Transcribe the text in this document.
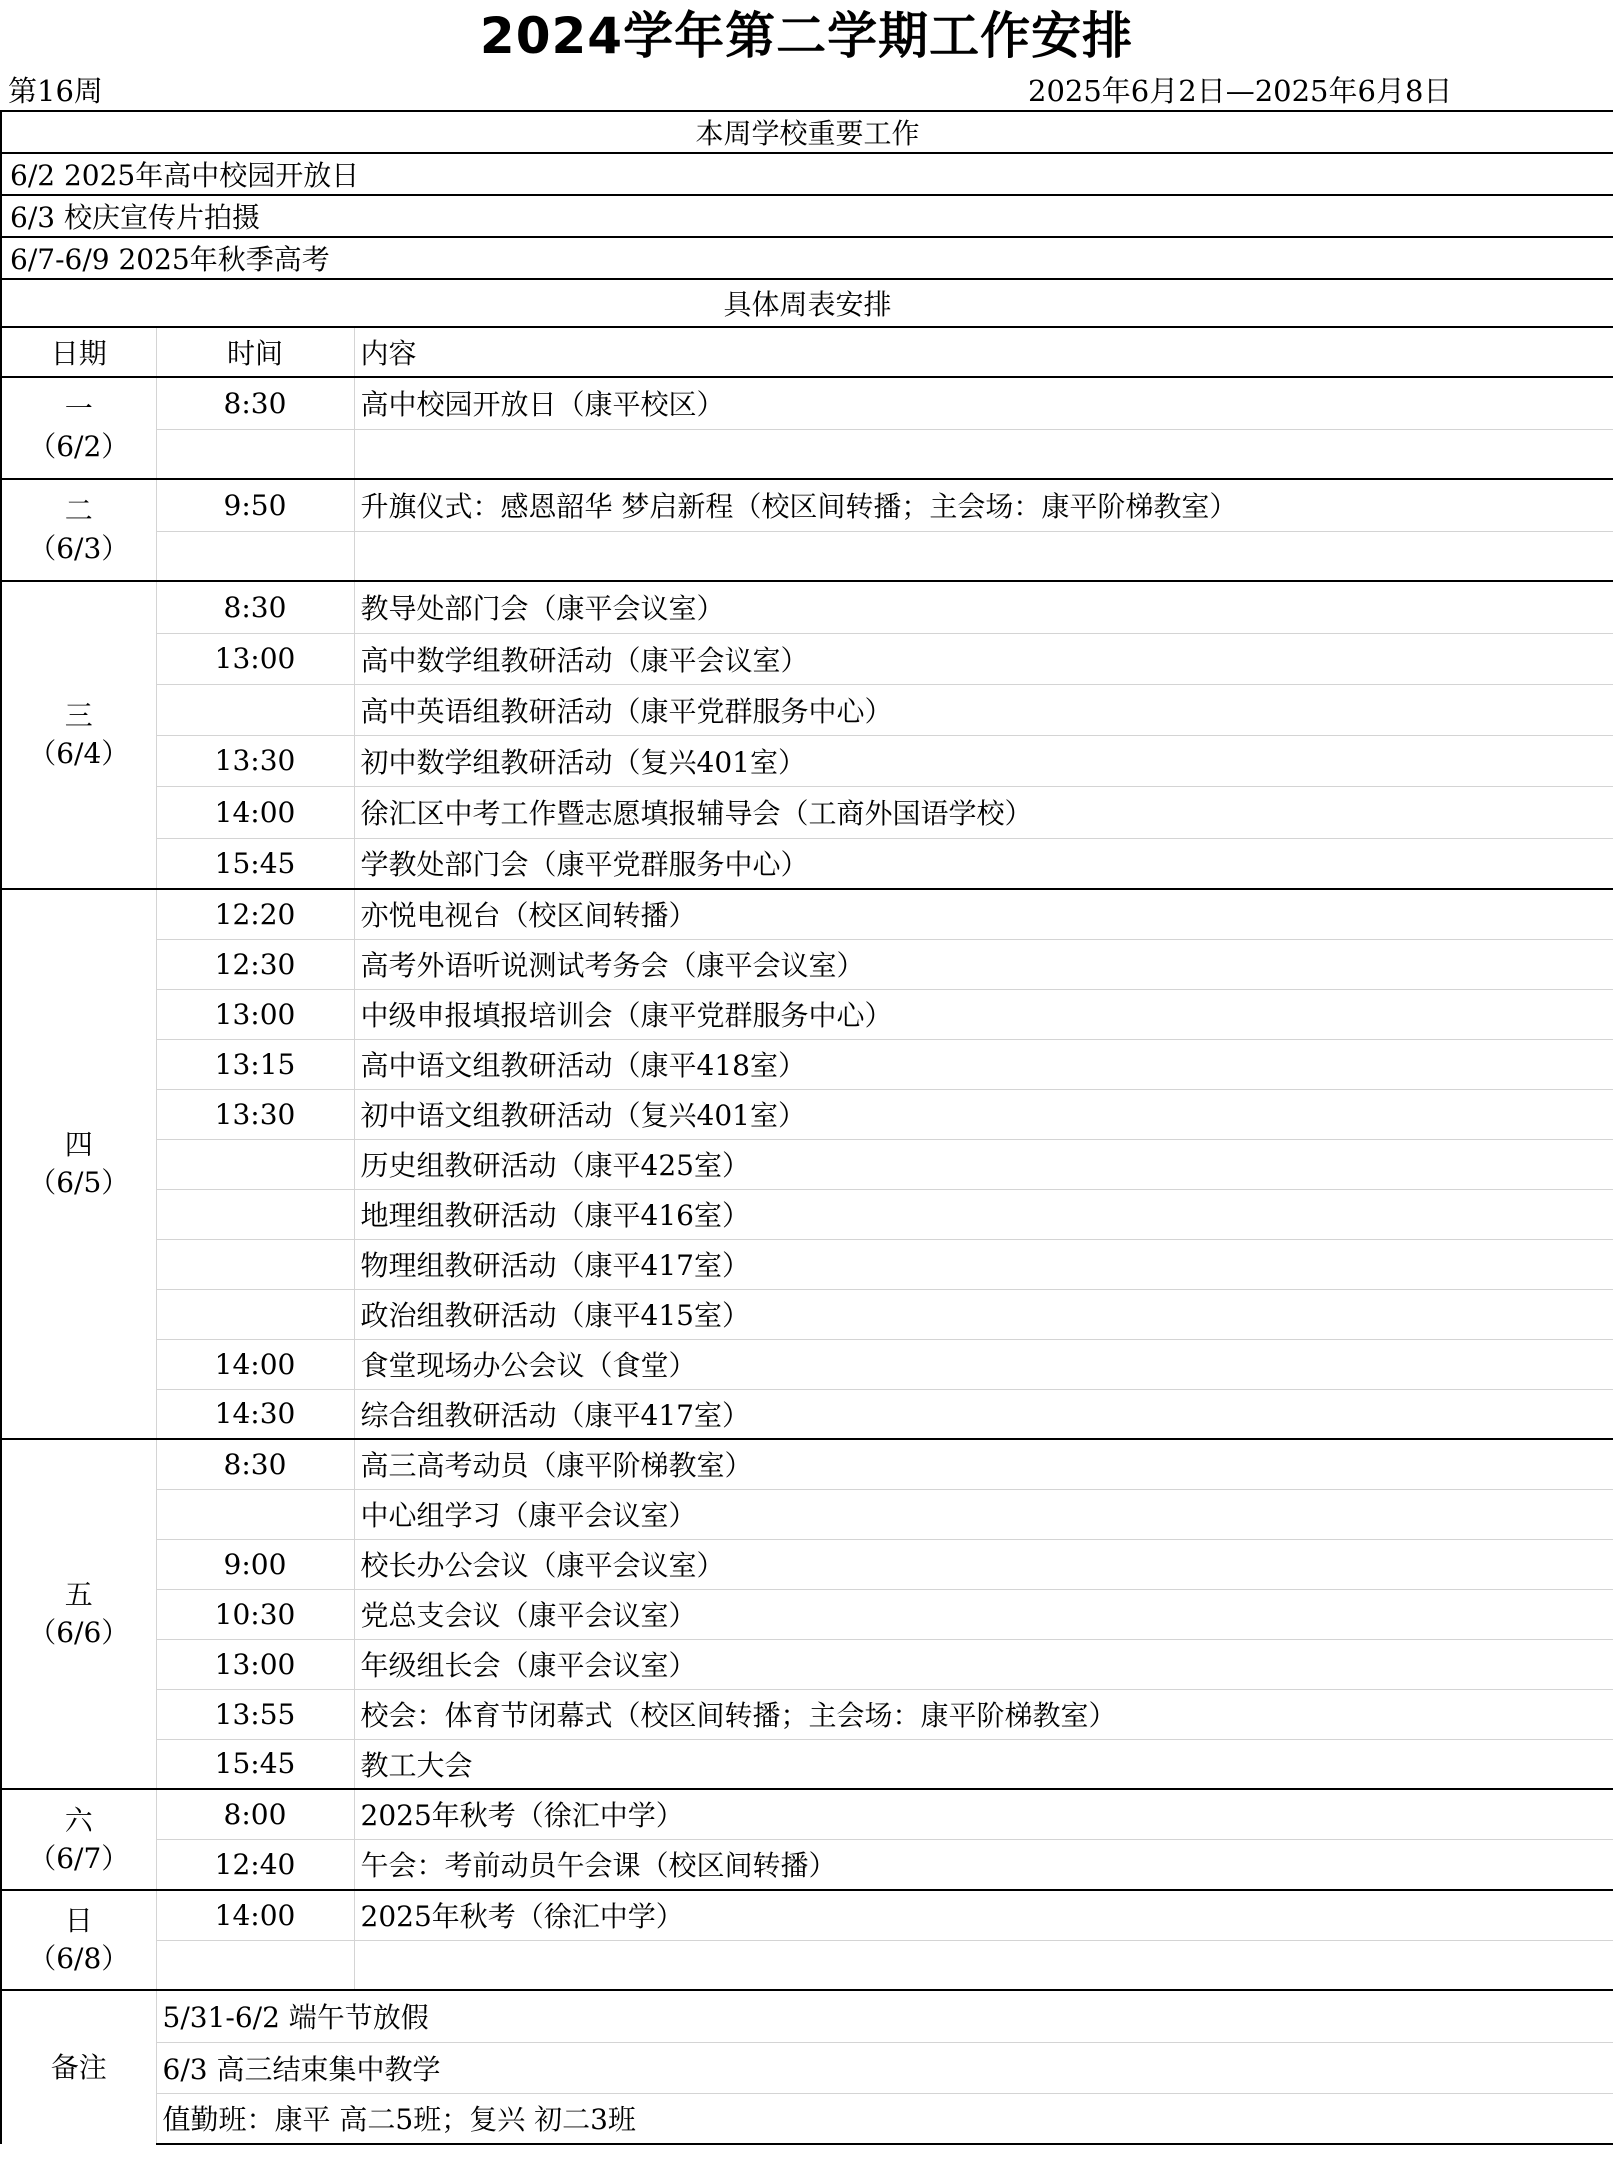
2024学年第二学期工作安排
第16周	2025年6月2日—2025年6月8日
本周学校重要工作		
6/2 2025年高中校园开放日		
6/3 校庆宣传片拍摄		
6/7-6/9 2025年秋季高考		
具体周表安排		
日期	时间	内容

一
（6/2）	8:30	高中校园开放日（康平校区）

二
（6/3）	9:50	升旗仪式：感恩韶华 梦启新程（校区间转播；主会场：康平阶梯教室）

三
（6/4）	8:30	教导处部门会（康平会议室）
	13:00	高中数学组教研活动（康平会议室）
		高中英语组教研活动（康平党群服务中心）
	13:30	初中数学组教研活动（复兴401室）
	14:00	徐汇区中考工作暨志愿填报辅导会（工商外国语学校）
	15:45	学教处部门会（康平党群服务中心）

四
（6/5）	12:20	亦悦电视台（校区间转播）
	12:30	高考外语听说测试考务会（康平会议室）
	13:00	中级申报填报培训会（康平党群服务中心）
	13:15	高中语文组教研活动（康平418室）
	13:30	初中语文组教研活动（复兴401室）
		历史组教研活动（康平425室）
		地理组教研活动（康平416室）
		物理组教研活动（康平417室）
		政治组教研活动（康平415室）
	14:00	食堂现场办公会议（食堂）
	14:30	综合组教研活动（康平417室）

五
（6/6）	8:30	高三高考动员（康平阶梯教室）
		中心组学习（康平会议室）
	9:00	校长办公会议（康平会议室）
	10:30	党总支会议（康平会议室）
	13:00	年级组长会（康平会议室）
	13:55	校会：体育节闭幕式（校区间转播；主会场：康平阶梯教室）
	15:45	教工大会

六
（6/7）	8:00	2025年秋考（徐汇中学）
	12:40	午会：考前动员午会课（校区间转播）

日
（6/8）	14:00	2025年秋考（徐汇中学）

备注	5/31-6/2 端午节放假	
	6/3 高三结束集中教学	
	值勤班：康平 高二5班；复兴 初二3班	
